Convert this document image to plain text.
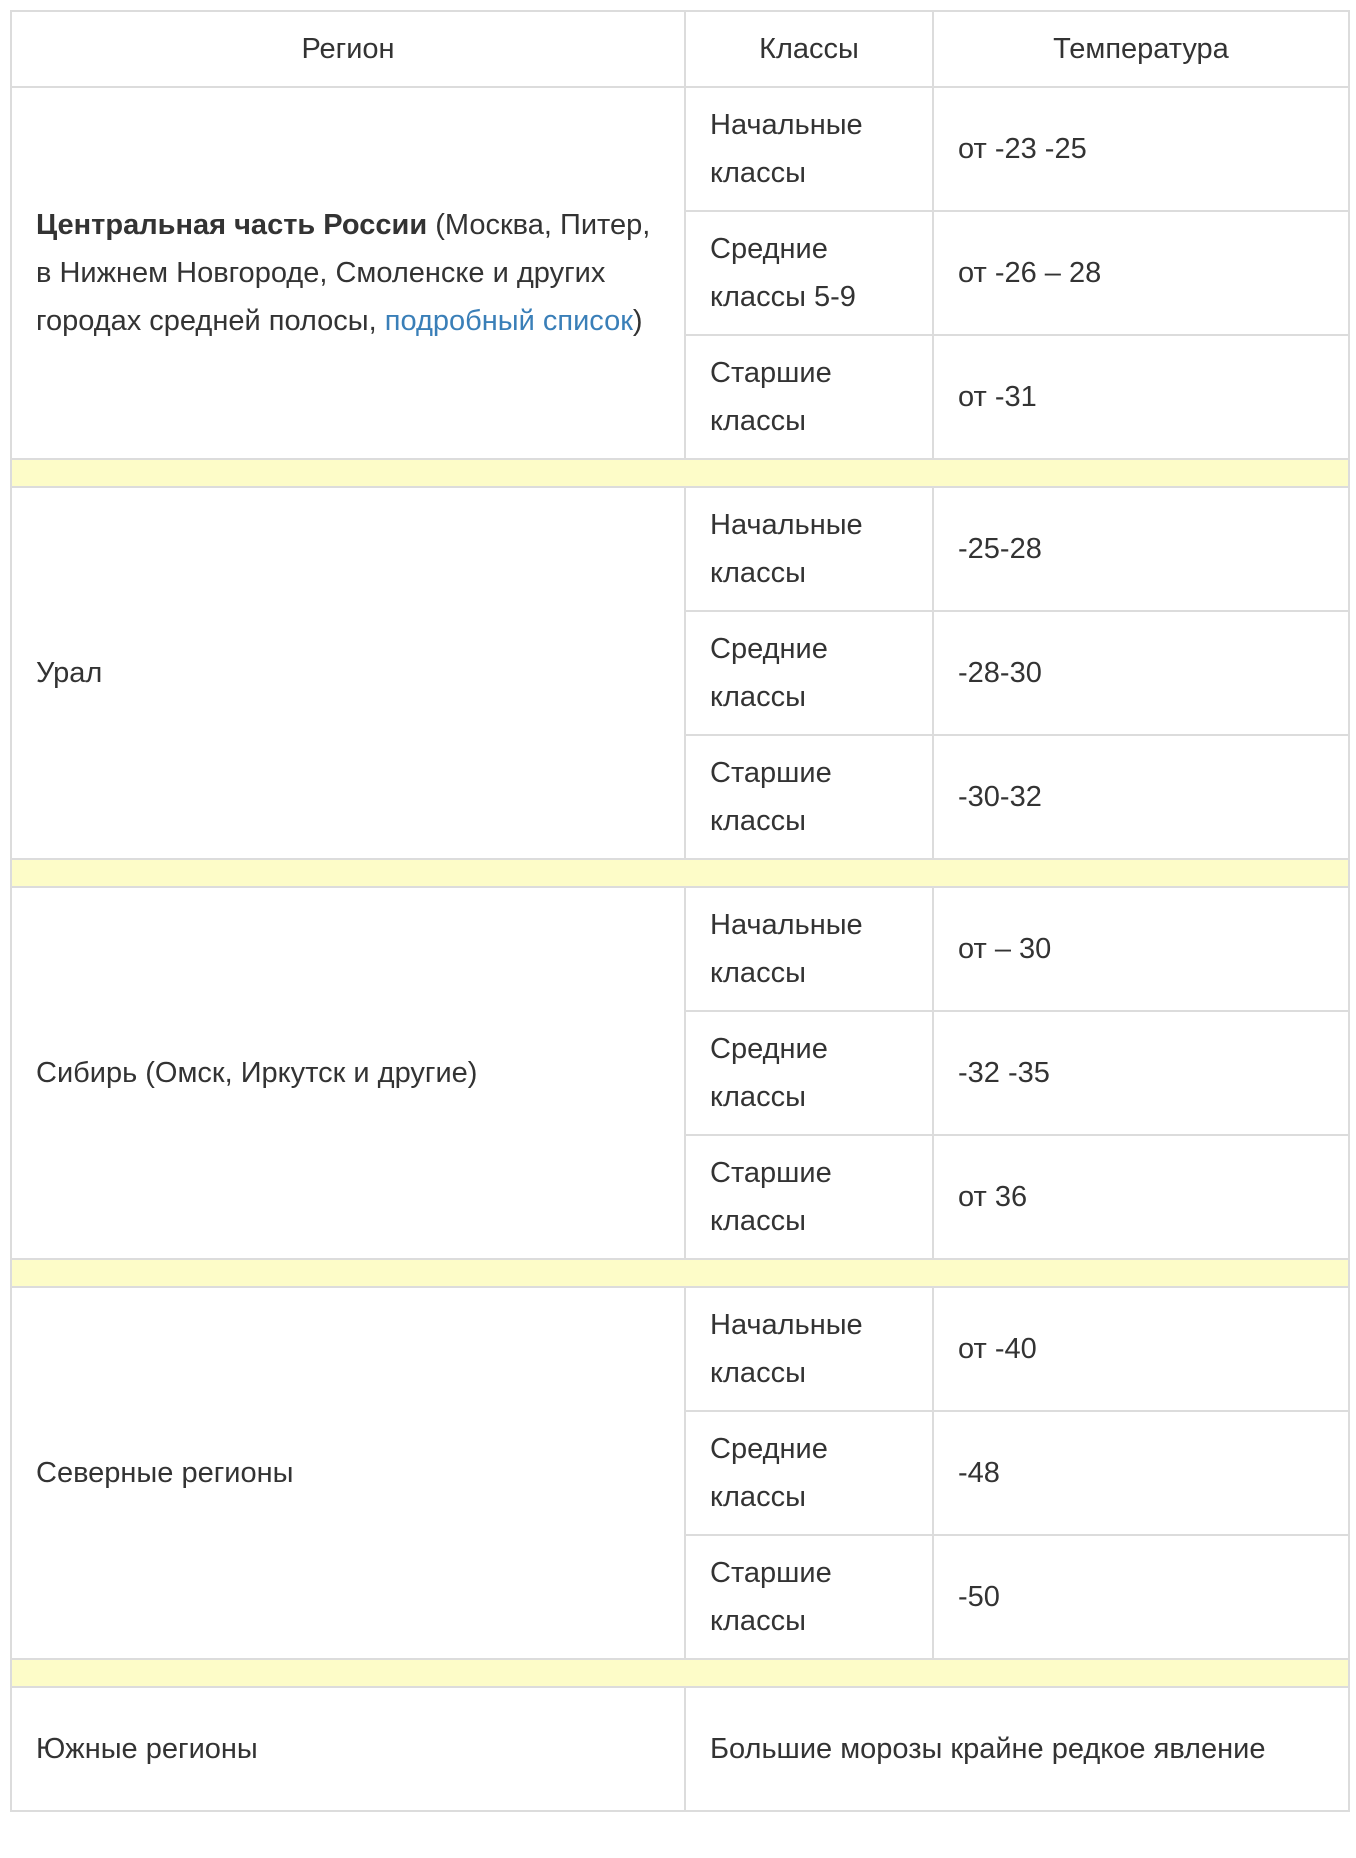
Регион	Классы	Температура
Центральная часть России (Москва, Питер, в Нижнем Новгороде, Смоленске и других городах средней полосы, подробный список)	Начальные классы	от -23 -25
	Средние классы 5-9	от -26 – 28
	Старшие классы	от -31

Урал	Начальные классы	-25-28
	Средние классы	-28-30
	Старшие классы	-30-32

Сибирь (Омск, Иркутск и другие)	Начальные классы	от – 30
	Средние классы	-32 -35
	Старшие классы	от 36

Северные регионы	Начальные классы	от -40
	Средние классы	-48
	Старшие классы	-50

Южные регионы	Большие морозы крайне редкое явление	
